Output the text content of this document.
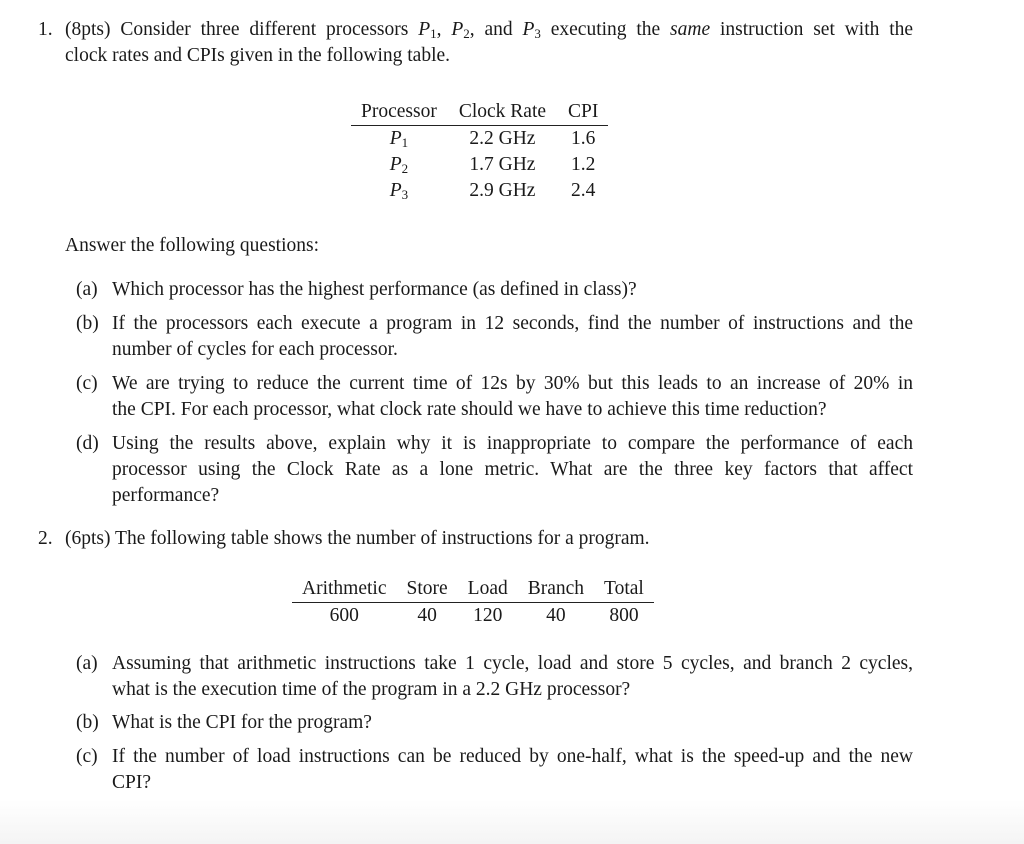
1. (8pts) Consider three different processors $P_1$, $P_2$, and $P_3$ executing the same instruction set with the
clock rates and CPIs given in the following table.
Processor	Clock Rate	CPI
$P_1$	2.2 GHz	1.6
$P_2$	1.7 GHz	1.2
$P_3$	2.9 GHz	2.4
Answer the following questions:
(a) Which processor has the highest performance (as defined in class)?
(b) If the processors each execute a program in 12 seconds, find the number of instructions and the
number of cycles for each processor.
(c) We are trying to reduce the current time of 12s by 30% but this leads to an increase of 20% in
the CPI. For each processor, what clock rate should we have to achieve this time reduction?
(d) Using the results above, explain why it is inappropriate to compare the performance of each
processor using the Clock Rate as a lone metric. What are the three key factors that affect
performance?
2. (6pts) The following table shows the number of instructions for a program.
Arithmetic	Store	Load	Branch	Total
600	40	120	40	800
(a) Assuming that arithmetic instructions take 1 cycle, load and store 5 cycles, and branch 2 cycles,
what is the execution time of the program in a 2.2 GHz processor?
(b) What is the CPI for the program?
(c) If the number of load instructions can be reduced by one-half, what is the speed-up and the new
CPI?
